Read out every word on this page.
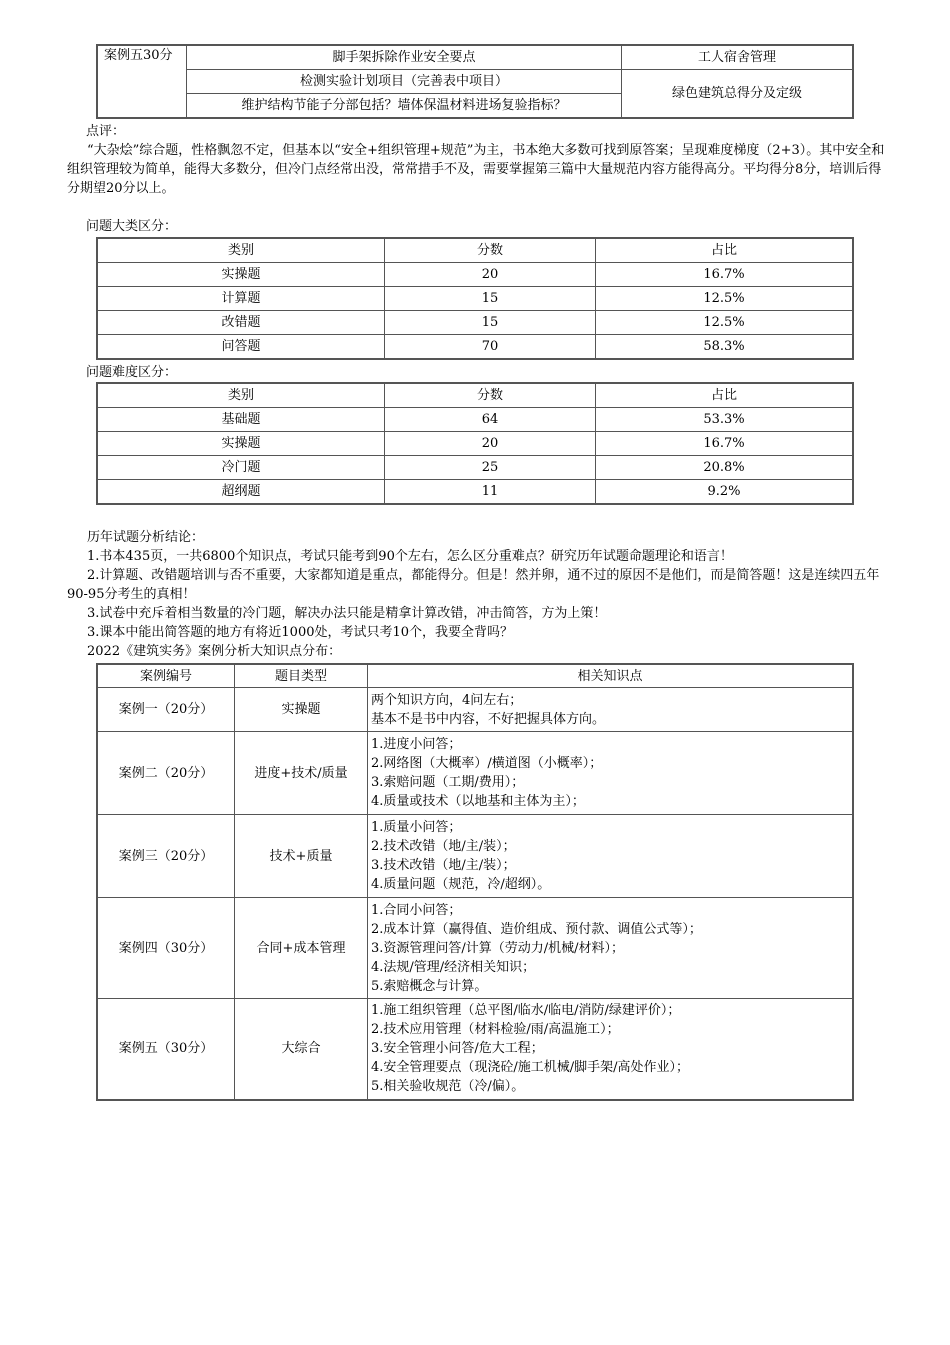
案例五30分	脚手架拆除作业安全要点	工人宿舍管理
	检测实验计划项目（完善表中项目）	绿色建筑总得分及定级
	维护结构节能子分部包括？墙体保温材料进场复验指标？	

点评：

“大杂烩”综合题，性格飘忽不定，但基本以“安全+组织管理+规范”为主，书本绝大多数可找到原答案；呈现难度梯度（2+3）。其中安全和组织管理较为简单，能得大多数分，但冷门点经常出没，常常措手不及，需要掌握第三篇中大量规范内容方能得高分。平均得分8分，培训后得分期望20分以上。

问题大类区分：
类别	分数	占比
实操题	20	16.7%
计算题	15	12.5%
改错题	15	12.5%
问答题	70	58.3%
问题难度区分：
类别	分数	占比
基础题	64	53.3%
实操题	20	16.7%
冷门题	25	20.8%
超纲题	11	9.2%

历年试题分析结论：

1.书本435页，一共6800个知识点，考试只能考到90个左右，怎么区分重难点？研究历年试题命题理论和语言！

2.计算题、改错题培训与否不重要，大家都知道是重点，都能得分。但是！然并卵，通不过的原因不是他们，而是简答题！这是连续四五年90-95分考生的真相！

3.试卷中充斥着相当数量的冷门题，解决办法只能是精拿计算改错，冲击简答，方为上策！

3.课本中能出简答题的地方有将近1000处，考试只考10个，我要全背吗？

2022《建筑实务》案例分析大知识点分布：

案例编号	题目类型	相关知识点
案例一（20分）	实操题	两个知识方向，4问左右；
基本不是书中内容，不好把握具体方向。

案例二（20分）	进度+技术/质量	1.进度小问答；
2.网络图（大概率）/横道图（小概率）；
3.索赔问题（工期/费用）；
4.质量或技术（以地基和主体为主）；

案例三（20分）	技术+质量	1.质量小问答；
2.技术改错（地/主/装）；
3.技术改错（地/主/装）；
4.质量问题（规范，冷/超纲）。

案例四（30分）	合同+成本管理	1.合同小问答；
2.成本计算（赢得值、造价组成、预付款、调值公式等）；
3.资源管理问答/计算（劳动力/机械/材料）；
4.法规/管理/经济相关知识；
5.索赔概念与计算。

案例五（30分）	大综合	1.施工组织管理（总平图/临水/临电/消防/绿建评价）；
2.技术应用管理（材料检验/雨/高温施工）；
3.安全管理小问答/危大工程；
4.安全管理要点（现浇砼/施工机械/脚手架/高处作业）；
5.相关验收规范（冷/偏）。
